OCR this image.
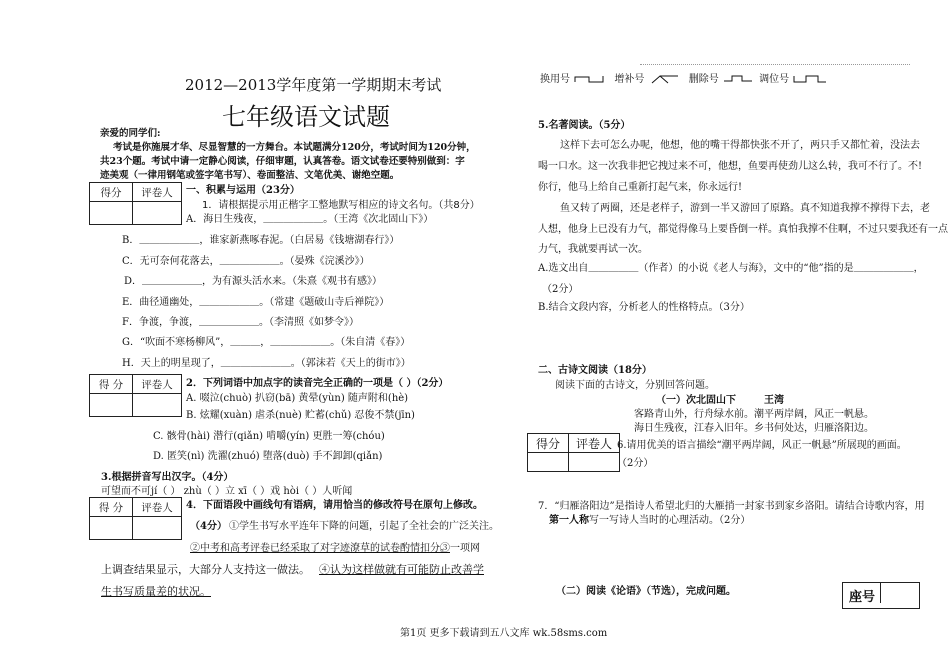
2012—2013学年度第一学期期末考试
七年级语文试题
亲爱的同学们:
考试是你施展才华、尽显智慧的一方舞台。本试题满分120分，考试时间为120分钟，
共23个题。考试中请一定静心阅读，仔细审题，认真答卷。语文试卷还要特别做到：字
迹美观（一律用钢笔或签字笔书写）、卷面整洁、文笔优美、谢绝空题。
得分	评卷人
	一、积累与运用（23分）
1．请根据提示用正楷字工整地默写相应的诗文名句。（共8分）
A．海日生残夜，＿＿＿＿＿＿。（王湾《次北固山下》）
B．＿＿＿＿＿＿，谁家新燕啄春泥。（白居易《钱塘湖春行》）
C．无可奈何花落去，＿＿＿＿＿＿。（晏殊《浣溪沙》）
D．＿＿＿＿＿＿，为有源头活水来。（朱熹《观书有感》）
E．曲径通幽处，＿＿＿＿＿＿。（常建《题破山寺后禅院》）
F．争渡，争渡，＿＿＿＿＿＿。（李清照《如梦令》）
G．“吹面不寒杨柳风”，＿＿＿，＿＿＿＿＿＿。（朱自清《春》）
H．天上的明星现了，＿＿＿＿＿＿＿。（郭沫若《天上的街市》）
得 分	评卷人
	2．下列词语中加点字的读音完全正确的一项是（ ）（2分）
A. 啜泣(chuò) 扒窃(bā) 黄晕(yùn) 随声附和(hè)
B. 炫耀(xuàn) 虐杀(nuè) 贮蓄(chǔ) 忍俊不禁(jīn)
C. 骸骨(hài) 潜行(qiǎn) 啃嚼(yín) 更胜一筹(chóu)
D. 匿笑(nì) 洗濯(zhuó) 堕落(duò) 手不卸卸(qiǎn)
3.根据拼音写出汉字。（4分）
可望而不可jí（ ） zhù（ ）立 xī（ ）戏 hòi（ ）人听闻
得 分	评卷人
	4．下面语段中画线句有语病，请用恰当的修改符号在原句上修改。
（4分） ①学生书写水平连年下降的问题，引起了全社会的广泛关注。
②中考和高考评卷已经采取了对字迹潦草的试卷酌情扣分。
③一项网
上调查结果显示，大部分人支持这一做法。 ④认为这样做就有可能防止改善学
生书写质量差的状况。
换用号	增补号	删除号	调位号
5.名著阅读。（5分）
这样下去可怎么办呢，他想，他的嘴干得都快张不开了，两只手又都忙着，没法去
喝一口水。这一次我非把它拽过来不可，他想，鱼要再使劲儿这么转，我可不行了。不!
你行，他马上给自己重新打起气来，你永远行!
鱼又转了两圈，还是老样子，游到一半又游回了原路。真不知道我撑不撑得下去，老
人想，他身上已没有力气，都觉得像马上要昏倒一样。真怕我撑不住啊，不过只要我还有一点
力气，我就要再试一次。
A.选文出自＿＿＿＿＿（作者）的小说《老人与海》，文中的“他”指的是＿＿＿＿＿＿，
（2分）
B.结合文段内容，分析老人的性格特点。（3分）
二、古诗文阅读（18分）
阅读下面的古诗文，分别回答问题。
（一）次北固山下	王湾
客路青山外，行舟绿水前。潮平两岸阔，风正一帆悬。
海日生残夜，江春入旧年。乡书何处达，归雁洛阳边。
得分	评卷人
	6.请用优美的语言描绘“潮平两岸阔，风正一帆悬”所展现的画面。
（2分）
7．“归雁洛阳边”是指诗人希望北归的大雁捎一封家书到家乡洛阳。请结合诗歌内容，用
第一人称写一写诗人当时的心理活动。（2分）
（二）阅读《论语》（节选），完成问题。	座号
第1页 更多下载请到五八文库 wk.58sms.com
